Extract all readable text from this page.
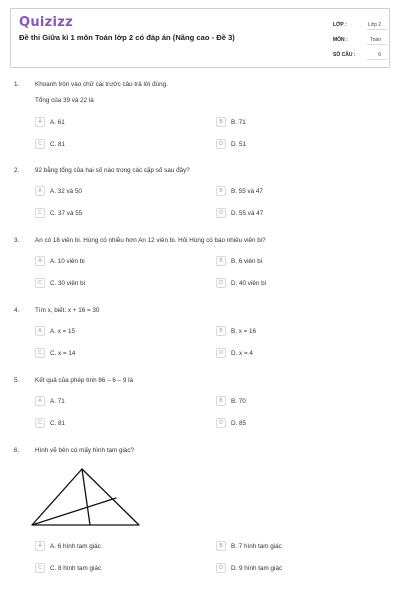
Quizizz
Đề thi Giữa kì 1 môn Toán lớp 2 có đáp án (Nâng cao - Đề 3)
LỚP :	Lớp 2
MÔN :	Toán
SỐ CÂU :	6
1.	Khoanh tròn vào chữ cái trước câu trả lời đúng.
Tổng của 39 và 22 là
A	A. 61	B	B. 71
C	C. 81	D	D. 51
2.	92 bằng tổng của hai số nào trong các cặp số sau đây?
A	A. 32 và 50	B	B. 55 và 47
C	C. 37 và 55	D	D. 55 và 47
3.	An có 18 viên bi. Hùng có nhiều hơn An 12 viên bi. Hỏi Hùng có bao nhiêu viên bi?
A	A. 10 viên bi	B	B. 6 viên bi
C	C. 30 viên bi	D	D. 40 viên bi
4.	Tìm x, biết: x + 16 = 30
A	A. x = 15	B	B. x = 16
C	C. x = 14	D	D. x = 4
5.	Kết quả của phép tính 86 – 6 – 9 là
A	A. 71	B	B. 70
C	C. 81	D	D. 85
6.	Hình vẽ bên có mấy hình tam giác?
A	A. 6 hình tam giác	B	B. 7 hình tam giác
C	C. 8 hình tam giác	D	D. 9 hình tam giác
